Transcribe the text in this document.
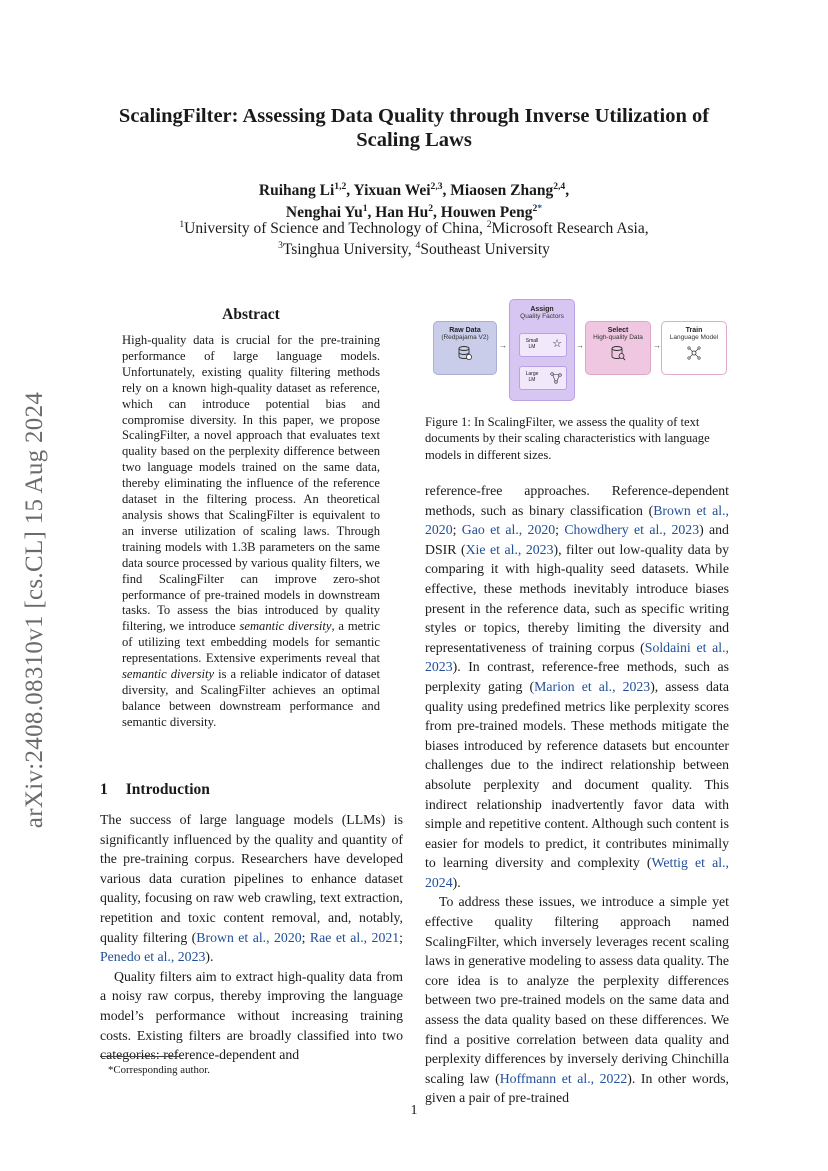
arXiv:2408.08310v1 [cs.CL] 15 Aug 2024
ScalingFilter: Assessing Data Quality through Inverse Utilization of Scaling Laws
Ruihang Li$^{1,2}$, Yixuan Wei$^{2,3}$, Miaosen Zhang$^{2,4}$,
Nenghai Yu$^1$, Han Hu$^2$, Houwen Peng$^{2*}$
$^1$University of Science and Technology of China, $^2$Microsoft Research Asia,
$^3$Tsinghua University, $^4$Southeast University
Abstract

High-quality data is crucial for the pre-training performance of large language models. Unfortunately, existing quality filtering methods rely on a known high-quality dataset as reference, which can introduce potential bias and compromise diversity. In this paper, we propose ScalingFilter, a novel approach that evaluates text quality based on the perplexity difference between two language models trained on the same data, thereby eliminating the influence of the reference dataset in the filtering process. An theoretical analysis shows that ScalingFilter is equivalent to an inverse utilization of scaling laws. Through training models with 1.3B parameters on the same data source processed by various quality filters, we find ScalingFilter can improve zero-shot performance of pre-trained models in downstream tasks. To assess the bias introduced by quality filtering, we introduce semantic diversity, a metric of utilizing text embedding models for semantic representations. Extensive experiments reveal that semantic diversity is a reliable indicator of dataset diversity, and ScalingFilter achieves an optimal balance between downstream performance and semantic diversity.

1 Introduction

The success of large language models (LLMs) is significantly influenced by the quality and quantity of the pre-training corpus. Researchers have developed various data curation pipelines to enhance dataset quality, focusing on raw web crawling, text extraction, repetition and toxic content removal, and, notably, quality filtering (Brown et al., 2020; Rae et al., 2021; Penedo et al., 2023).

Quality filters aim to extract high-quality data from a noisy raw corpus, thereby improving the language model’s performance without increasing training costs. Existing filters are broadly classified into two categories: reference-dependent and

Raw Data
(Redpajama V2)
→
Assign
Quality Factors
Small LM	☆
Large LM
→
Select
High-quality Data
→
Train
Language Model
Figure 1: In ScalingFilter, we assess the quality of text documents by their scaling characteristics with language models in different sizes.

reference-free approaches. Reference-dependent methods, such as binary classification (Brown et al., 2020; Gao et al., 2020; Chowdhery et al., 2023) and DSIR (Xie et al., 2023), filter out low-quality data by comparing it with high-quality seed datasets. While effective, these methods inevitably introduce biases present in the reference data, such as specific writing styles or topics, thereby limiting the diversity and representativeness of training corpus (Soldaini et al., 2023). In contrast, reference-free methods, such as perplexity gating (Marion et al., 2023), assess data quality using predefined metrics like perplexity scores from pre-trained models. These methods mitigate the biases introduced by reference datasets but encounter challenges due to the indirect relationship between absolute perplexity and document quality. This indirect relationship inadvertently favor data with simple and repetitive content. Although such content is easier for models to predict, it contributes minimally to learning diversity and complexity (Wettig et al., 2024).

To address these issues, we introduce a simple yet effective quality filtering approach named ScalingFilter, which inversely leverages recent scaling laws in generative modeling to assess data quality. The core idea is to analyze the perplexity differences between two pre-trained models on the same data and assess the data quality based on these differences. We find a positive correlation between data quality and perplexity differences by inversely deriving Chinchilla scaling law (Hoffmann et al., 2022). In other words, given a pair of pre-trained

*Corresponding author.
1
